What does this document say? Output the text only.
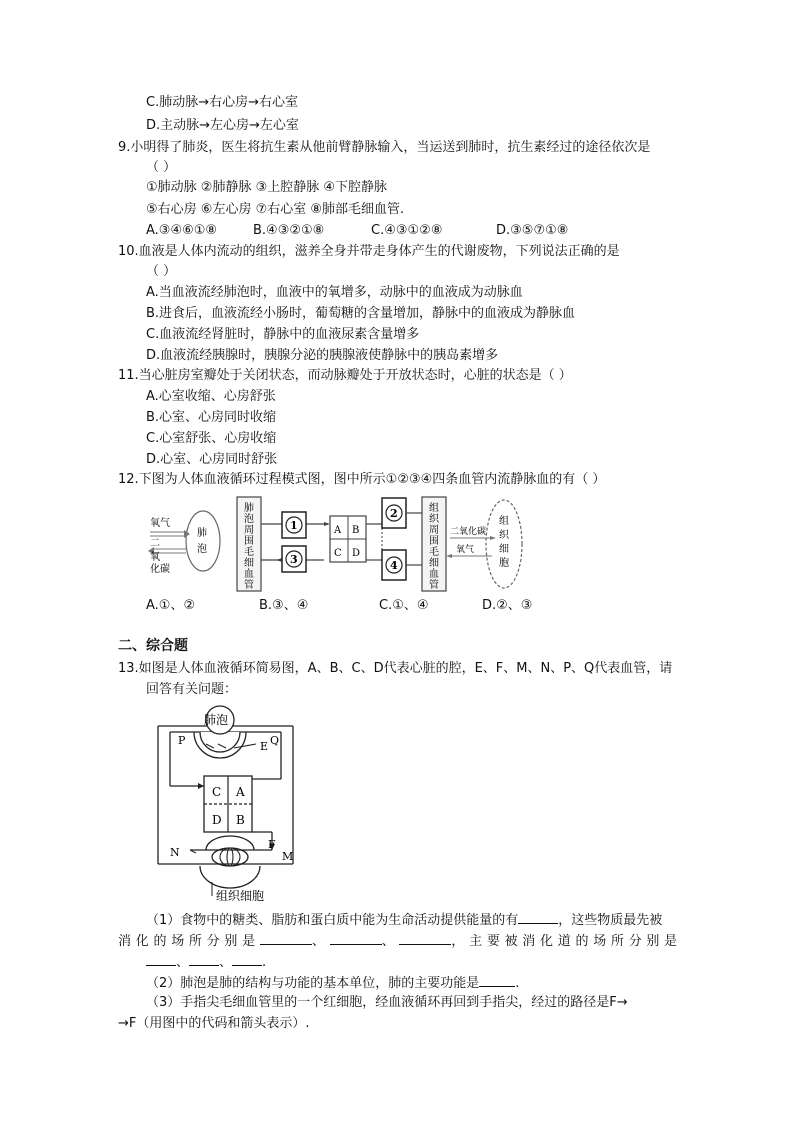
C.肺动脉→右心房→右心室
D.主动脉→左心房→左心室
9.小明得了肺炎，医生将抗生素从他前臂静脉输入，当运送到肺时，抗生素经过的途径依次是
（ ）
①肺动脉 ②肺静脉 ③上腔静脉 ④下腔静脉
⑤右心房 ⑥左心房 ⑦右心室 ⑧肺部毛细血管.
A.③④⑥①⑧	B.④③②①⑧	C.④③①②⑧	D.③⑤⑦①⑧
10.血液是人体内流动的组织，滋养全身并带走身体产生的代谢废物，下列说法正确的是
（ ）
A.当血液流经肺泡时，血液中的氧增多，动脉中的血液成为动脉血
B.进食后，血液流经小肠时，葡萄糖的含量增加，静脉中的血液成为静脉血
C.血液流经肾脏时，静脉中的血液尿素含量增多
D.血液流经胰腺时，胰腺分泌的胰腺液使静脉中的胰岛素增多
11.当心脏房室瓣处于关闭状态，而动脉瓣处于开放状态时，心脏的状态是（ ）
A.心室收缩、心房舒张
B.心室、心房同时收缩
C.心室舒张、心房收缩
D.心室、心房同时舒张
12.下图为人体血液循环过程模式图，图中所示①②③④四条血管内流静脉血的有（ ）
肺
泡
氧气
二
氧
化碳
肺
泡
周
围
毛
细
血
管
1
3
A B
C D
2
4
组
织
周
围
毛
细
血
管
二氧化碳
氧气
组
织
细
胞
A.①、②	B.③、④	C.①、④	D.②、③
二、综合题
13.如图是人体血液循环简易图，A、B、C、D代表心脏的腔，E、F、M、N、P、Q代表血管，请
回答有关问题：
肺泡
P	Q
E
C A
D B
N
F
M
组织细胞
（1）食物中的糖类、脂肪和蛋白质中能为生命活动提供能量的有	，这些物质最先被
消 化 的 场 所 分 别 是	、	、	， 主 要 被 消 化 道 的 场 所 分 别 是
、 、 .
（2）肺泡是肺的结构与功能的基本单位，肺的主要功能是	.
（3）手指尖毛细血管里的一个红细胞，经血液循环再回到手指尖，经过的路径是F→
→F（用图中的代码和箭头表示）.
